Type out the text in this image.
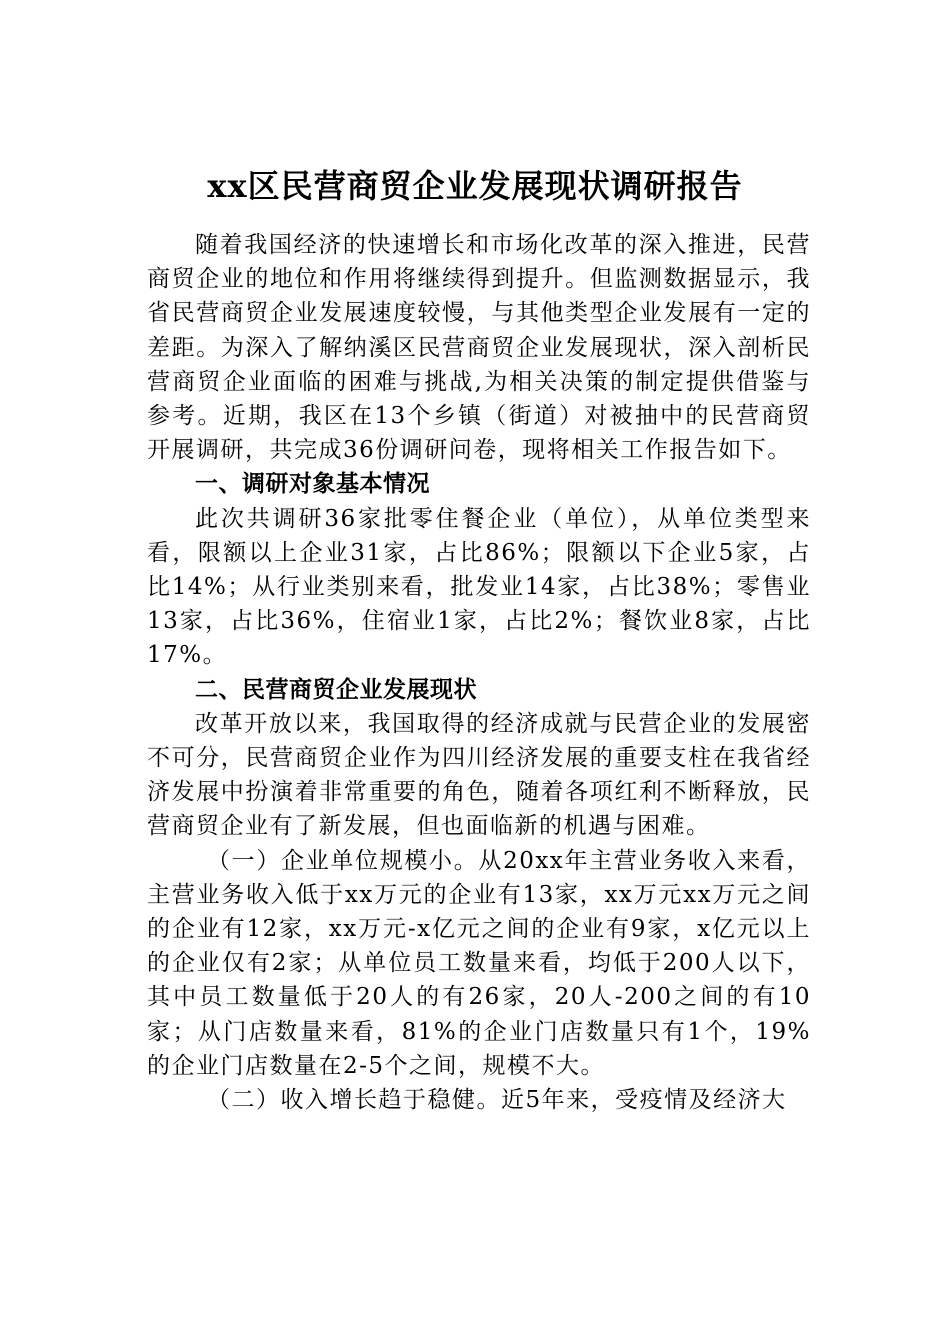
xx区民营商贸企业发展现状调研报告

随着我国经济的快速增长和市场化改革的深入推进，民营商贸企业的地位和作用将继续得到提升。但监测数据显示，我省民营商贸企业发展速度较慢，与其他类型企业发展有一定的差距。为深入了解纳溪区民营商贸企业发展现状，深入剖析民营商贸企业面临的困难与挑战,为相关决策的制定提供借鉴与参考。近期，我区在13个乡镇（街道）对被抽中的民营商贸开展调研，共完成36份调研问卷，现将相关工作报告如下。

一、调研对象基本情况

此次共调研36家批零住餐企业（单位），从单位类型来看，限额以上企业31家，占比86%；限额以下企业5家，占比14%；从行业类别来看，批发业14家，占比38%；零售业13家，占比36%，住宿业1家，占比2%；餐饮业8家，占比17%。

二、民营商贸企业发展现状

改革开放以来，我国取得的经济成就与民营企业的发展密不可分，民营商贸企业作为四川经济发展的重要支柱在我省经济发展中扮演着非常重要的角色，随着各项红利不断释放，民营商贸企业有了新发展，但也面临新的机遇与困难。

（一）企业单位规模小。从20xx年主营业务收入来看，主营业务收入低于xx万元的企业有13家，xx万元xx万元之间的企业有12家，xx万元-x亿元之间的企业有9家，x亿元以上的企业仅有2家；从单位员工数量来看，均低于200人以下，其中员工数量低于20人的有26家，20人-200之间的有10家；从门店数量来看，81%的企业门店数量只有1个，19%的企业门店数量在2-5个之间，规模不大。

（二）收入增长趋于稳健。近5年来，受疫情及经济大
